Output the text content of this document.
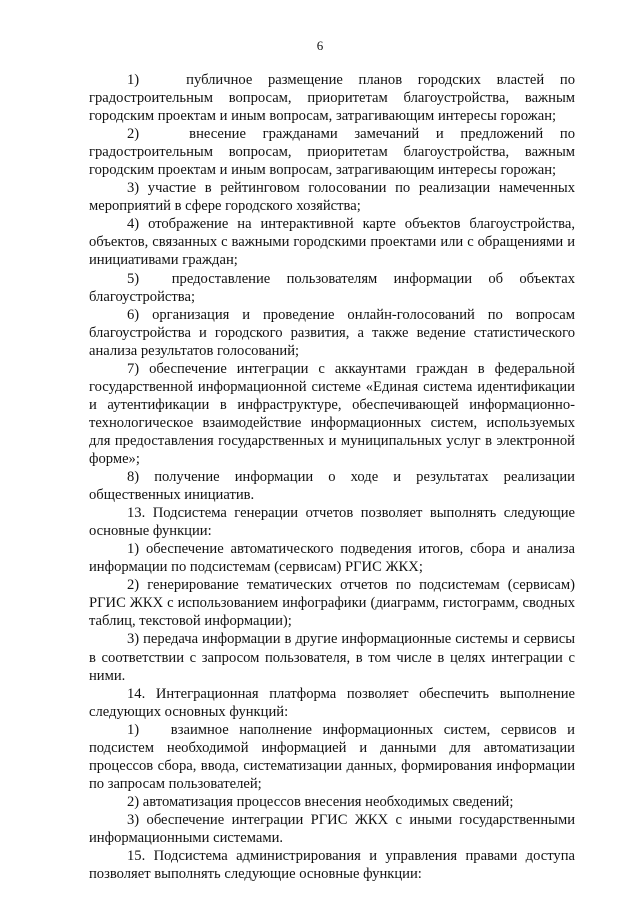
6

1)   публичное размещение планов городских властей по градостроительным вопросам, приоритетам благоустройства, важным городским проектам и иным вопросам, затрагивающим интересы горожан;

2)   внесение гражданами замечаний и предложений по градостроительным вопросам, приоритетам благоустройства, важным городским проектам и иным вопросам, затрагивающим интересы горожан;

3) участие в рейтинговом голосовании по реализации намеченных мероприятий в сфере городского хозяйства;

4) отображение на интерактивной карте объектов благоустройства, объектов, связанных с важными городскими проектами или с обращениями и инициативами граждан;

5)  предоставление пользователям информации об объектах благоустройства;

6) организация и проведение онлайн-голосований по вопросам благоустройства и городского развития, а также ведение статистического анализа результатов голосований;

7) обеспечение интеграции с аккаунтами граждан в федеральной государственной информационной системе «Единая система идентификации и аутентификации в инфраструктуре, обеспечивающей информационно-технологическое взаимодействие информационных систем, используемых для предоставления государственных и муниципальных услуг в электронной форме»;

8) получение информации о ходе и результатах реализации общественных инициатив.

13. Подсистема генерации отчетов позволяет выполнять следующие основные функции:

1) обеспечение автоматического подведения итогов, сбора и анализа информации по подсистемам (сервисам) РГИС ЖКХ;

2) генерирование тематических отчетов по подсистемам (сервисам) РГИС ЖКХ с использованием инфографики (диаграмм, гистограмм, сводных таблиц, текстовой информации);

3) передача информации в другие информационные системы и сервисы в соответствии с запросом пользователя, в том числе в целях интеграции с ними.

14. Интеграционная платформа позволяет обеспечить выполнение следующих основных функций:

1)   взаимное наполнение информационных систем, сервисов и подсистем необходимой информацией и данными для автоматизации процессов сбора, ввода, систематизации данных, формирования информации по запросам пользователей;

2) автоматизация процессов внесения необходимых сведений;

3) обеспечение интеграции РГИС ЖКХ с иными государственными информационными системами.

15. Подсистема администрирования и управления правами доступа позволяет выполнять следующие основные функции:
